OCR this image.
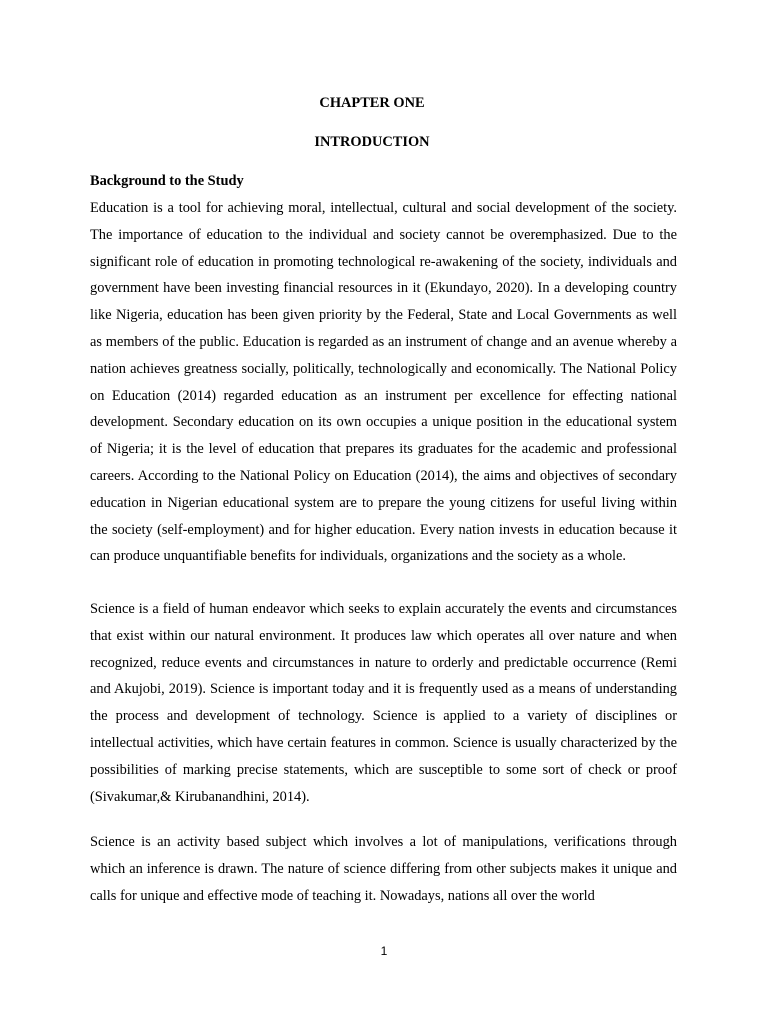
CHAPTER ONE
INTRODUCTION
Background to the Study

Education is a tool for achieving moral, intellectual, cultural and social development of the society. The importance of education to the individual and society cannot be overemphasized. Due to the significant role of education in promoting technological re-awakening of the society, individuals and government have been investing financial resources in it (Ekundayo, 2020). In a developing country like Nigeria, education has been given priority by the Federal, State and Local Governments as well as members of the public. Education is regarded as an instrument of change and an avenue whereby a nation achieves greatness socially, politically, technologically and economically. The National Policy on Education (2014) regarded education as an instrument per excellence for effecting national development. Secondary education on its own occupies a unique position in the educational system of Nigeria; it is the level of education that prepares its graduates for the academic and professional careers. According to the National Policy on Education (2014), the aims and objectives of secondary education in Nigerian educational system are to prepare the young citizens for useful living within the society (self-employment) and for higher education. Every nation invests in education because it can produce unquantifiable benefits for individuals, organizations and the society as a whole.

Science is a field of human endeavor which seeks to explain accurately the events and circumstances that exist within our natural environment. It produces law which operates all over nature and when recognized, reduce events and circumstances in nature to orderly and predictable occurrence (Remi and Akujobi, 2019). Science is important today and it is frequently used as a means of understanding the process and development of technology. Science is applied to a variety of disciplines or intellectual activities, which have certain features in common. Science is usually characterized by the possibilities of marking precise statements, which are susceptible to some sort of check or proof (Sivakumar,& Kirubanandhini, 2014).

Science is an activity based subject which involves a lot of manipulations, verifications through which an inference is drawn. The nature of science differing from other subjects makes it unique and calls for unique and effective mode of teaching it. Nowadays, nations all over the world

1
